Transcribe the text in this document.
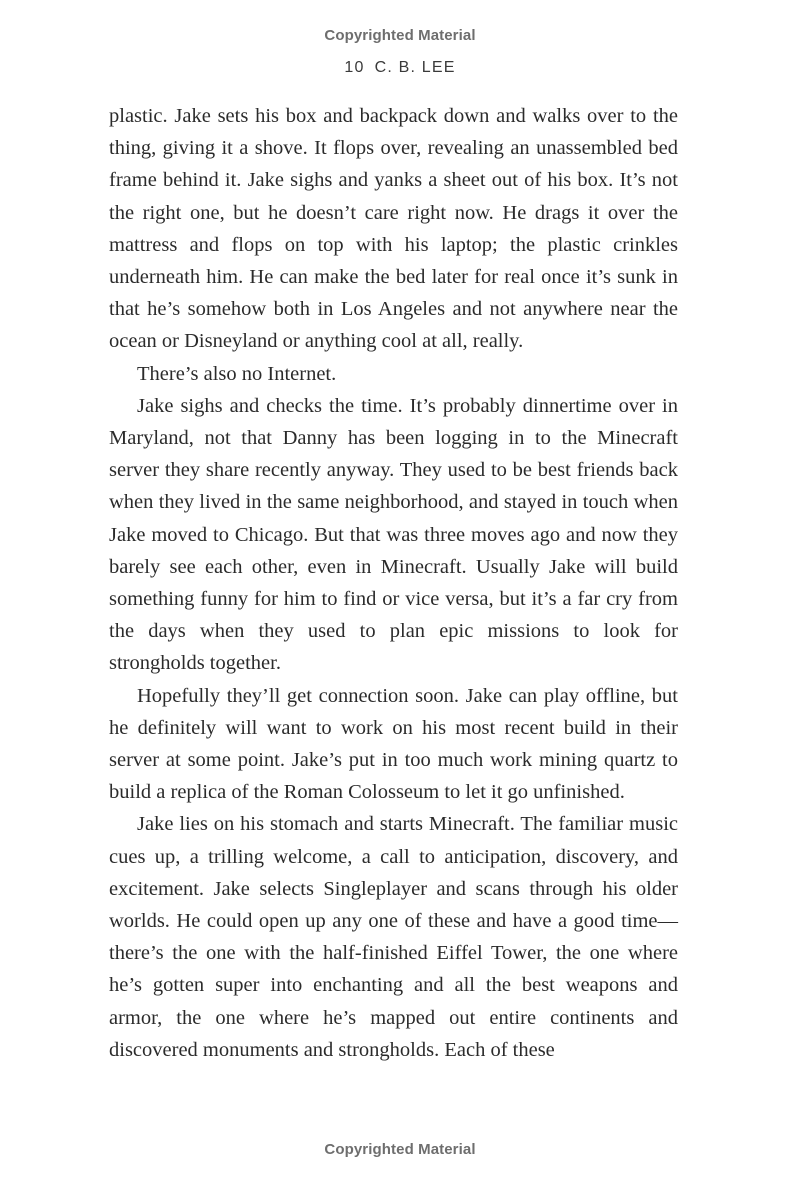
Copyrighted Material
10 C. B. LEE

plastic. Jake sets his box and backpack down and walks over to the thing, giving it a shove. It flops over, revealing an unassembled bed frame behind it. Jake sighs and yanks a sheet out of his box. It’s not the right one, but he doesn’t care right now. He drags it over the mattress and flops on top with his laptop; the plastic crinkles underneath him. He can make the bed later for real once it’s sunk in that he’s somehow both in Los Angeles and not anywhere near the ocean or Disneyland or anything cool at all, really.

There’s also no Internet.

Jake sighs and checks the time. It’s probably dinnertime over in Maryland, not that Danny has been logging in to the Minecraft server they share recently anyway. They used to be best friends back when they lived in the same neighborhood, and stayed in touch when Jake moved to Chicago. But that was three moves ago and now they barely see each other, even in Minecraft. Usually Jake will build something funny for him to find or vice versa, but it’s a far cry from the days when they used to plan epic missions to look for strongholds together.

Hopefully they’ll get connection soon. Jake can play offline, but he definitely will want to work on his most recent build in their server at some point. Jake’s put in too much work mining quartz to build a replica of the Roman Colosseum to let it go unfinished.

Jake lies on his stomach and starts Minecraft. The familiar music cues up, a trilling welcome, a call to anticipation, discovery, and excitement. Jake selects Singleplayer and scans through his older worlds. He could open up any one of these and have a good time—there’s the one with the half-finished Eiffel Tower, the one where he’s gotten super into enchanting and all the best weapons and armor, the one where he’s mapped out entire continents and discovered monuments and strongholds. Each of these

Copyrighted Material
